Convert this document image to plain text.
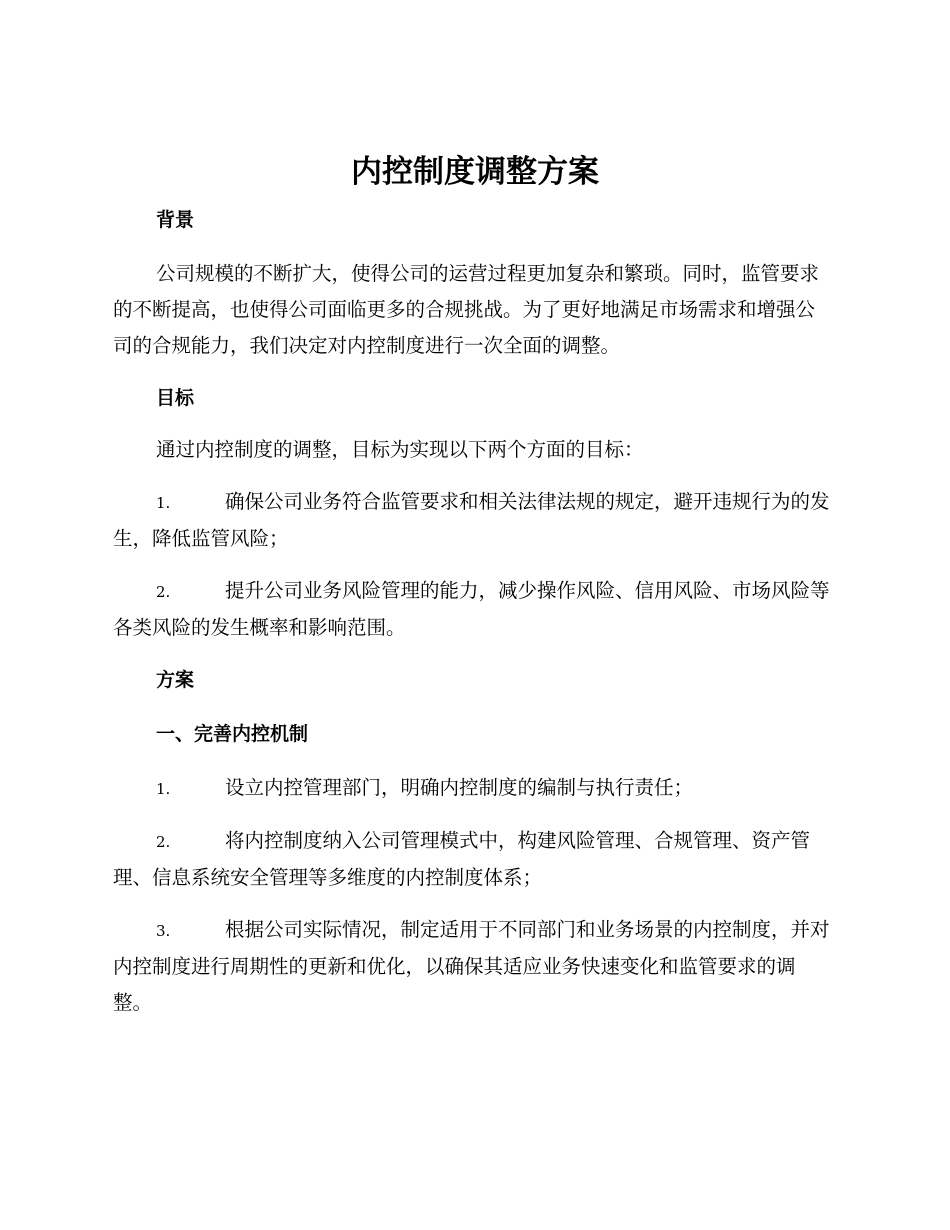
内控制度调整方案

背景

公司规模的不断扩大，使得公司的运营过程更加复杂和繁琐。同时，监管要求的不断提高，也使得公司面临更多的合规挑战。为了更好地满足市场需求和增强公司的合规能力，我们决定对内控制度进行一次全面的调整。

目标

通过内控制度的调整，目标为实现以下两个方面的目标：

1.	确保公司业务符合监管要求和相关法律法规的规定，避开违规行为的发生，降低监管风险；

2.	提升公司业务风险管理的能力，减少操作风险、信用风险、市场风险等各类风险的发生概率和影响范围。

方案

一、完善内控机制

1.	设立内控管理部门，明确内控制度的编制与执行责任；

2.	将内控制度纳入公司管理模式中，构建风险管理、合规管理、资产管理、信息系统安全管理等多维度的内控制度体系；

3.	根据公司实际情况，制定适用于不同部门和业务场景的内控制度，并对内控制度进行周期性的更新和优化，以确保其适应业务快速变化和监管要求的调整。
